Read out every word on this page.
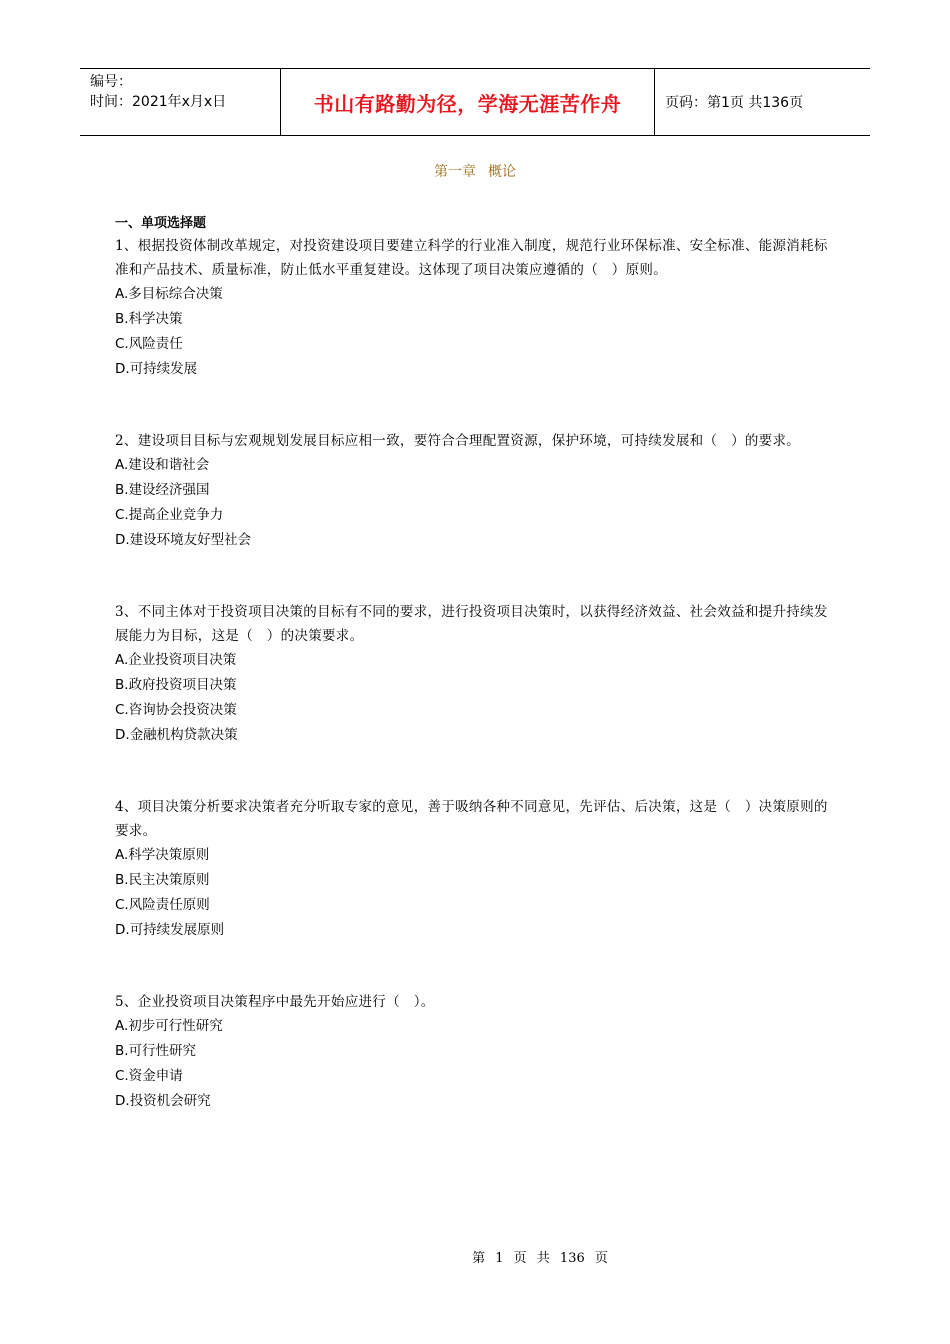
编号：
时间：2021年x月x日	书山有路勤为径，学海无涯苦作舟	页码：第1页 共136页
第一章 概论
一、单项选择题
1、根据投资体制改革规定，对投资建设项目要建立科学的行业准入制度，规范行业环保标准、安全标准、能源消耗标准和产品技术、质量标准，防止低水平重复建设。这体现了项目决策应遵循的（　）原则。
A.多目标综合决策
B.科学决策
C.风险责任
D.可持续发展
2、建设项目目标与宏观规划发展目标应相一致，要符合合理配置资源，保护环境，可持续发展和（　）的要求。
A.建设和谐社会
B.建设经济强国
C.提高企业竞争力
D.建设环境友好型社会
3、不同主体对于投资项目决策的目标有不同的要求，进行投资项目决策时，以获得经济效益、社会效益和提升持续发展能力为目标，这是（　）的决策要求。
A.企业投资项目决策
B.政府投资项目决策
C.咨询协会投资决策
D.金融机构贷款决策
4、项目决策分析要求决策者充分听取专家的意见，善于吸纳各种不同意见，先评估、后决策，这是（　）决策原则的要求。
A.科学决策原则
B.民主决策原则
C.风险责任原则
D.可持续发展原则
5、企业投资项目决策程序中最先开始应进行（　）。
A.初步可行性研究
B.可行性研究
C.资金申请
D.投资机会研究
第 1 页 共 136 页
